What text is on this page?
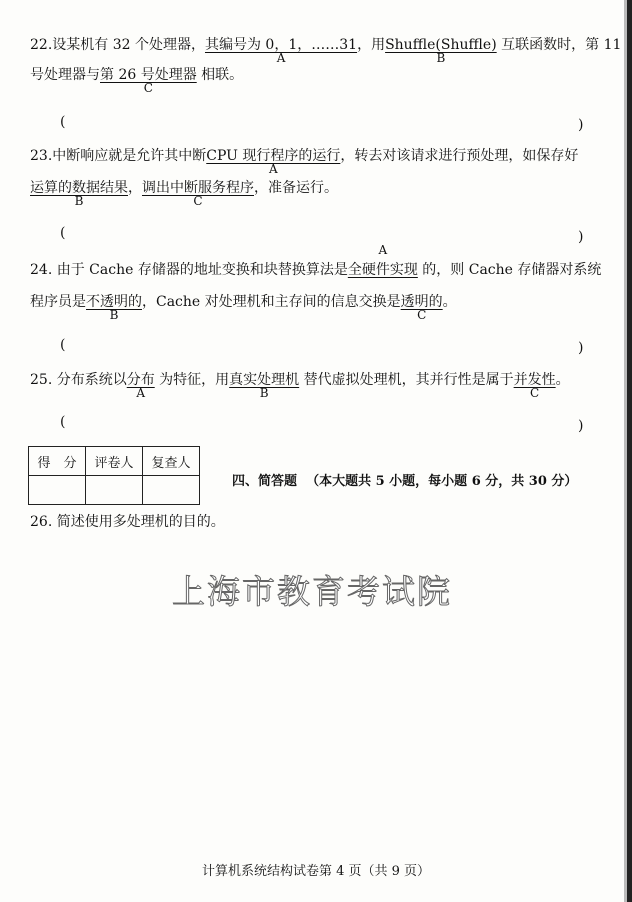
22.设某机有 32 个处理器，其编号为 0，1，……31
A
，用Shuffle(Shuffle)
B
互联函数时，第 11
号处理器与第 26 号处理器
C
相联。
(	)
23.中断响应就是允许其中断CPU 现行程序的运行
A
，转去对该请求进行预处理，如保存好
运算的数据结果
B
，调出中断服务程序
C
，准备运行。
(	)
24. 由于 Cache 存储器的地址变换和块替换算法是
A
全硬件实现 的，则 Cache 存储器对系统
程序员是不透明的
B
，Cache 对处理机和主存间的信息交换是透明的
C
。
(	)
25. 分布系统以分布
A
为特征，用真实处理机
B
替代虚拟处理机，其并行性是属于并发性
C
。
(	)
得　分	评卷人	复查人

四、简答题 （本大题共 5 小题，每小题 6 分，共 30 分）
26. 简述使用多处理机的目的。
上海市教育考试院
计算机系统结构试卷第 4 页（共 9 页）
